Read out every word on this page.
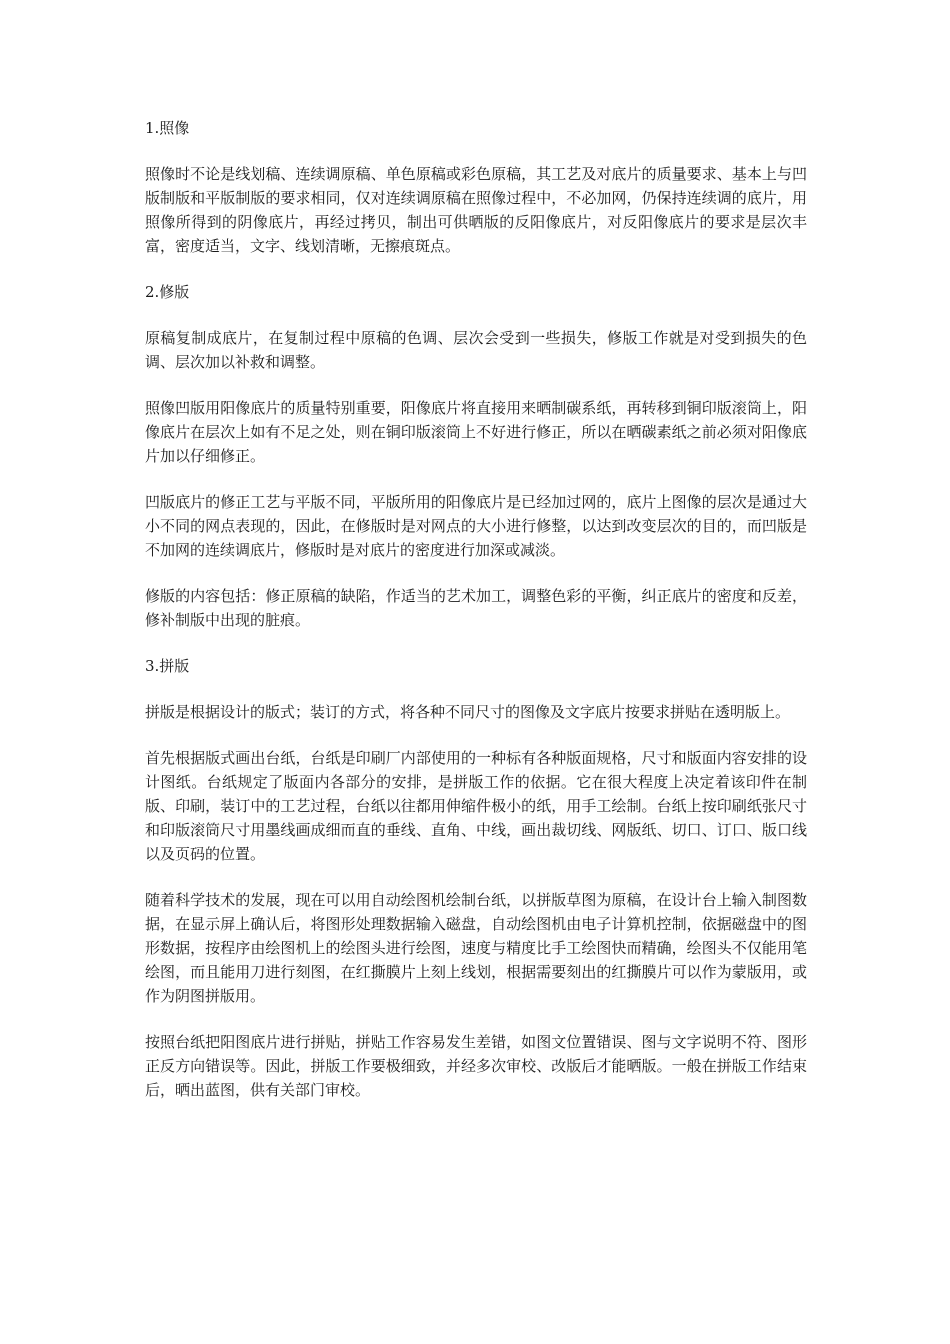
1.照像

照像时不论是线划稿、连续调原稿、单色原稿或彩色原稿，其工艺及对底片的质量要求、基本上与凹版制版和平版制版的要求相同，仅对连续调原稿在照像过程中，不必加网，仍保持连续调的底片，用照像所得到的阴像底片，再经过拷贝，制出可供晒版的反阳像底片，对反阳像底片的要求是层次丰富，密度适当，文字、线划清晰，无擦痕斑点。

2.修版

原稿复制成底片，在复制过程中原稿的色调、层次会受到一些损失，修版工作就是对受到损失的色调、层次加以补救和调整。

照像凹版用阳像底片的质量特别重要，阳像底片将直接用来晒制碳系纸，再转移到铜印版滚筒上，阳像底片在层次上如有不足之处，则在铜印版滚筒上不好进行修正，所以在晒碳素纸之前必须对阳像底片加以仔细修正。

凹版底片的修正工艺与平版不同，平版所用的阳像底片是已经加过网的，底片上图像的层次是通过大小不同的网点表现的，因此，在修版时是对网点的大小进行修整，以达到改变层次的目的，而凹版是不加网的连续调底片，修版时是对底片的密度进行加深或减淡。

修版的内容包括：修正原稿的缺陷，作适当的艺术加工，调整色彩的平衡，纠正底片的密度和反差，修补制版中出现的脏痕。

3.拼版

拼版是根据设计的版式；装订的方式，将各种不同尺寸的图像及文字底片按要求拼贴在透明版上。

首先根据版式画出台纸，台纸是印刷厂内部使用的一种标有各种版面规格，尺寸和版面内容安排的设计图纸。台纸规定了版面内各部分的安排，是拼版工作的依据。它在很大程度上决定着该印件在制版、印刷，装订中的工艺过程，台纸以往都用伸缩件极小的纸，用手工绘制。台纸上按印刷纸张尺寸和印版滚筒尺寸用墨线画成细而直的垂线、直角、中线，画出裁切线、网版纸、切口、订口、版口线以及页码的位置。

随着科学技术的发展，现在可以用自动绘图机绘制台纸，以拼版草图为原稿，在设计台上输入制图数据，在显示屏上确认后，将图形处理数据输入磁盘，自动绘图机由电子计算机控制，依据磁盘中的图形数据，按程序由绘图机上的绘图头进行绘图，速度与精度比手工绘图快而精确，绘图头不仅能用笔绘图，而且能用刀进行刻图，在红撕膜片上刻上线划，根据需要刻出的红撕膜片可以作为蒙版用，或作为阴图拼版用。

按照台纸把阳图底片进行拼贴，拼贴工作容易发生差错，如图文位置错误、图与文字说明不符、图形正反方向错误等。因此，拼版工作要极细致，并经多次审校、改版后才能晒版。一般在拼版工作结束后，晒出蓝图，供有关部门审校。
